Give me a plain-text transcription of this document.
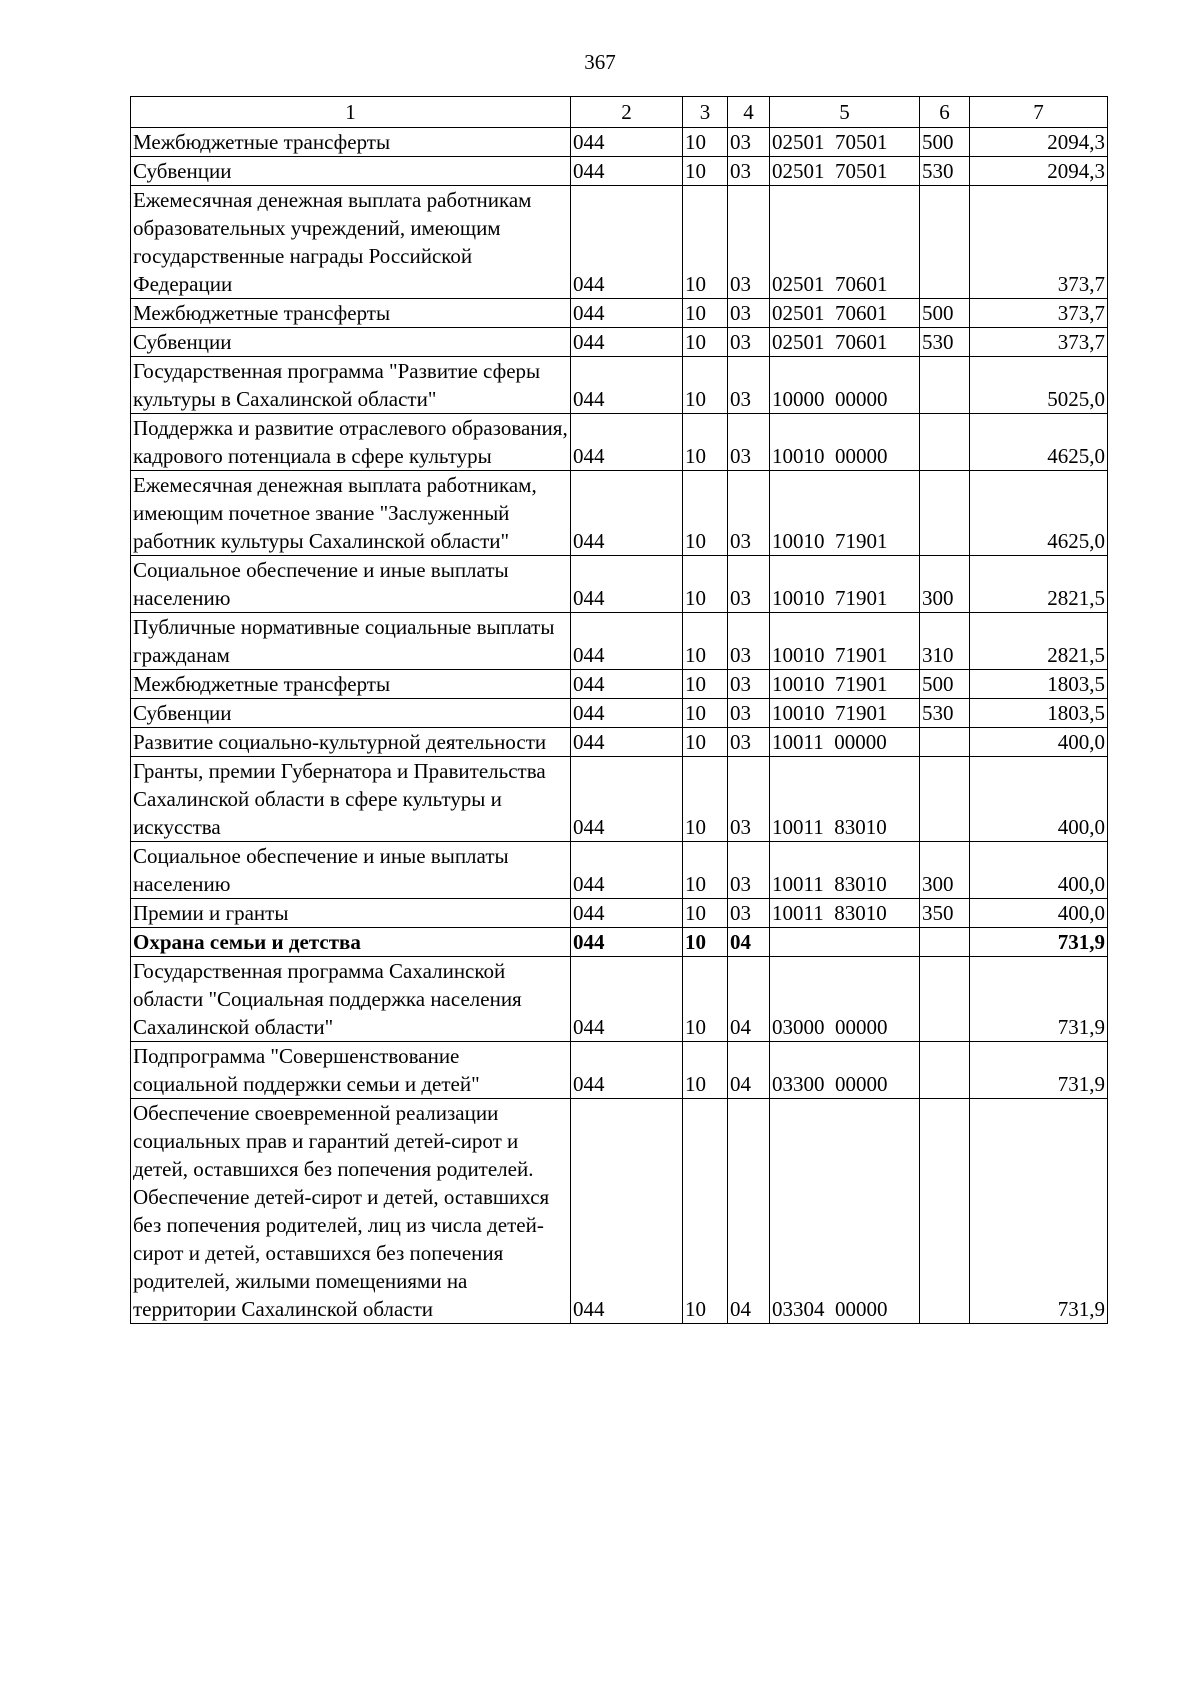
367
1	2	3	4	5	6	7
Межбюджетные трансферты	044	10	03	02501  70501	500	2094,3
Субвенции	044	10	03	02501  70501	530	2094,3
Ежемесячная денежная выплата работникам образовательных учреждений, имеющим государственные награды Российской Федерации	044	10	03	02501  70601		373,7
Межбюджетные трансферты	044	10	03	02501  70601	500	373,7
Субвенции	044	10	03	02501  70601	530	373,7
Государственная программа "Развитие сферы культуры в Сахалинской области"	044	10	03	10000  00000		5025,0
Поддержка и развитие отраслевого образования, кадрового потенциала в сфере культуры	044	10	03	10010  00000		4625,0
Ежемесячная денежная выплата работникам, имеющим почетное звание "Заслуженный работник культуры Сахалинской области"	044	10	03	10010  71901		4625,0
Социальное обеспечение и иные выплаты населению	044	10	03	10010  71901	300	2821,5
Публичные нормативные социальные выплаты гражданам	044	10	03	10010  71901	310	2821,5
Межбюджетные трансферты	044	10	03	10010  71901	500	1803,5
Субвенции	044	10	03	10010  71901	530	1803,5
Развитие социально-культурной деятельности	044	10	03	10011  00000		400,0
Гранты, премии Губернатора и Правительства Сахалинской области в сфере культуры и искусства	044	10	03	10011  83010		400,0
Социальное обеспечение и иные выплаты населению	044	10	03	10011  83010	300	400,0
Премии и гранты	044	10	03	10011  83010	350	400,0
Охрана семьи и детства	044	10	04			731,9
Государственная программа Сахалинской области "Социальная поддержка населения Сахалинской области"	044	10	04	03000  00000		731,9
Подпрограмма "Совершенствование социальной поддержки семьи и детей"	044	10	04	03300  00000		731,9
Обеспечение своевременной реализации социальных прав и гарантий детей-сирот и детей, оставшихся без попечения родителей. Обеспечение детей-сирот и детей, оставшихся без попечения родителей, лиц из числа детей-сирот и детей, оставшихся без попечения родителей, жилыми помещениями на территории Сахалинской области	044	10	04	03304  00000		731,9
